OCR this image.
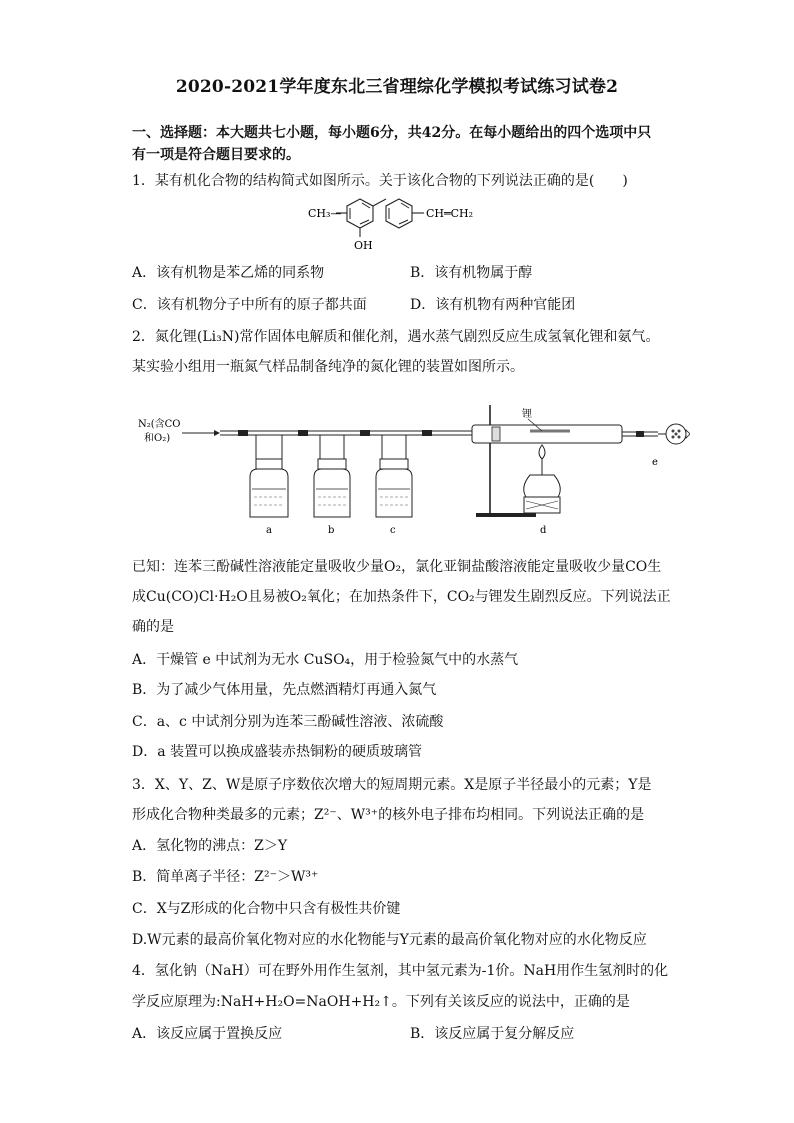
2020-2021学年度东北三省理综化学模拟考试练习试卷2
一、选择题：本大题共七小题，每小题6分，共42分。在每小题给出的四个选项中只
有一项是符合题目要求的。
1．某有机化合物的结构简式如图所示。关于该化合物的下列说法正确的是(　　)
CH₃—
OH
CH═CH₂
A．该有机物是苯乙烯的同系物	B．该有机物属于醇
C．该有机物分子中所有的原子都共面	D．该有机物有两种官能团
2．氮化锂(Li₃N)常作固体电解质和催化剂，遇水蒸气剧烈反应生成氢氧化锂和氨气。
某实验小组用一瓶氮气样品制备纯净的氮化锂的装置如图所示。
N₂(含CO
和O₂)
a	b	c
锂
d
e
已知：连苯三酚碱性溶液能定量吸收少量O₂，氯化亚铜盐酸溶液能定量吸收少量CO生
成Cu(CO)Cl·H₂O且易被O₂氧化；在加热条件下，CO₂与锂发生剧烈反应。下列说法正
确的是
A．干燥管 e 中试剂为无水 CuSO₄，用于检验氮气中的水蒸气
B．为了减少气体用量，先点燃酒精灯再通入氮气
C．a、c 中试剂分别为连苯三酚碱性溶液、浓硫酸
D．a 装置可以换成盛装赤热铜粉的硬质玻璃管
3．X、Y、Z、W是原子序数依次增大的短周期元素。X是原子半径最小的元素；Y是
形成化合物种类最多的元素；Z²⁻、W³⁺的核外电子排布均相同。下列说法正确的是
A．氢化物的沸点：Z＞Y
B．简单离子半径：Z²⁻＞W³⁺
C．X与Z形成的化合物中只含有极性共价键
D.W元素的最高价氧化物对应的水化物能与Y元素的最高价氧化物对应的水化物反应
4．氢化钠（NaH）可在野外用作生氢剂，其中氢元素为-1价。NaH用作生氢剂时的化
学反应原理为:NaH+H₂O=NaOH+H₂↑。下列有关该反应的说法中，正确的是
A．该反应属于置换反应	B．该反应属于复分解反应
